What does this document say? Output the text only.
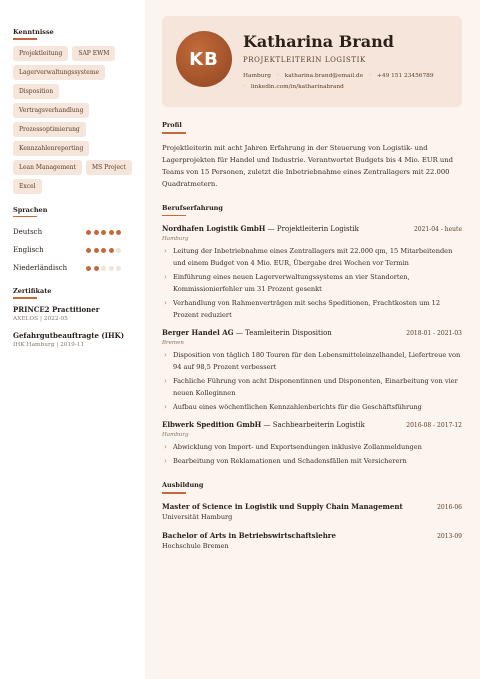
Kenntnisse
Projektleitung	SAP EWM
Lagerverwaltungssysteme
Disposition
Vertragsverhandlung
Prozessoptimierung
Kennzahlenreporting
Lean Management	MS Project
Excel
Sprachen
Deutsch
Englisch
Niederländisch
Zertifikate
PRINCE2 Practitioner
AXELOS | 2022-05
Gefahrgutbeauftragte (IHK)
IHK Hamburg | 2019-11
KB
Katharina Brand
PROJEKTLEITERIN LOGISTIK
Hamburg · katharina.brand@email.de · +49 151 23456789
· linkedin.com/in/katharinabrand
Profil
Projektleiterin mit acht Jahren Erfahrung in der Steuerung von Logistik- und Lagerprojekten für Handel und Industrie. Verantwortet Budgets bis 4 Mio. EUR und Teams von 15 Personen, zuletzt die Inbetriebnahme eines Zentrallagers mit 22.000 Quadratmetern.
Berufserfahrung
Nordhafen Logistik GmbH — Projektleiterin Logistik	2021-04 - heute
Hamburg
› Leitung der Inbetriebnahme eines Zentrallagers mit 22.000 qm, 15 Mitarbeitenden und einem Budget von 4 Mio. EUR, Übergabe drei Wochen vor Termin
› Einführung eines neuen Lagerverwaltungssystems an vier Standorten, Kommissionierfehler um 31 Prozent gesenkt
› Verhandlung von Rahmenverträgen mit sechs Speditionen, Frachtkosten um 12 Prozent reduziert
Berger Handel AG — Teamleiterin Disposition	2018-01 - 2021-03
Bremen
› Disposition von täglich 180 Touren für den Lebensmitteleinzelhandel, Liefertreue von 94 auf 98,5 Prozent verbessert
› Fachliche Führung von acht Disponentinnen und Disponenten, Einarbeitung von vier neuen Kolleginnen
› Aufbau eines wöchentlichen Kennzahlenberichts für die Geschäftsführung
Elbwerk Spedition GmbH — Sachbearbeiterin Logistik	2016-08 - 2017-12
Hamburg
› Abwicklung von Import- und Exportsendungen inklusive Zollanmeldungen
› Bearbeitung von Reklamationen und Schadensfällen mit Versicherern
Ausbildung
Master of Science in Logistik und Supply Chain Management	2016-06
Universität Hamburg
Bachelor of Arts in Betriebswirtschaftslehre	2013-09
Hochschule Bremen
